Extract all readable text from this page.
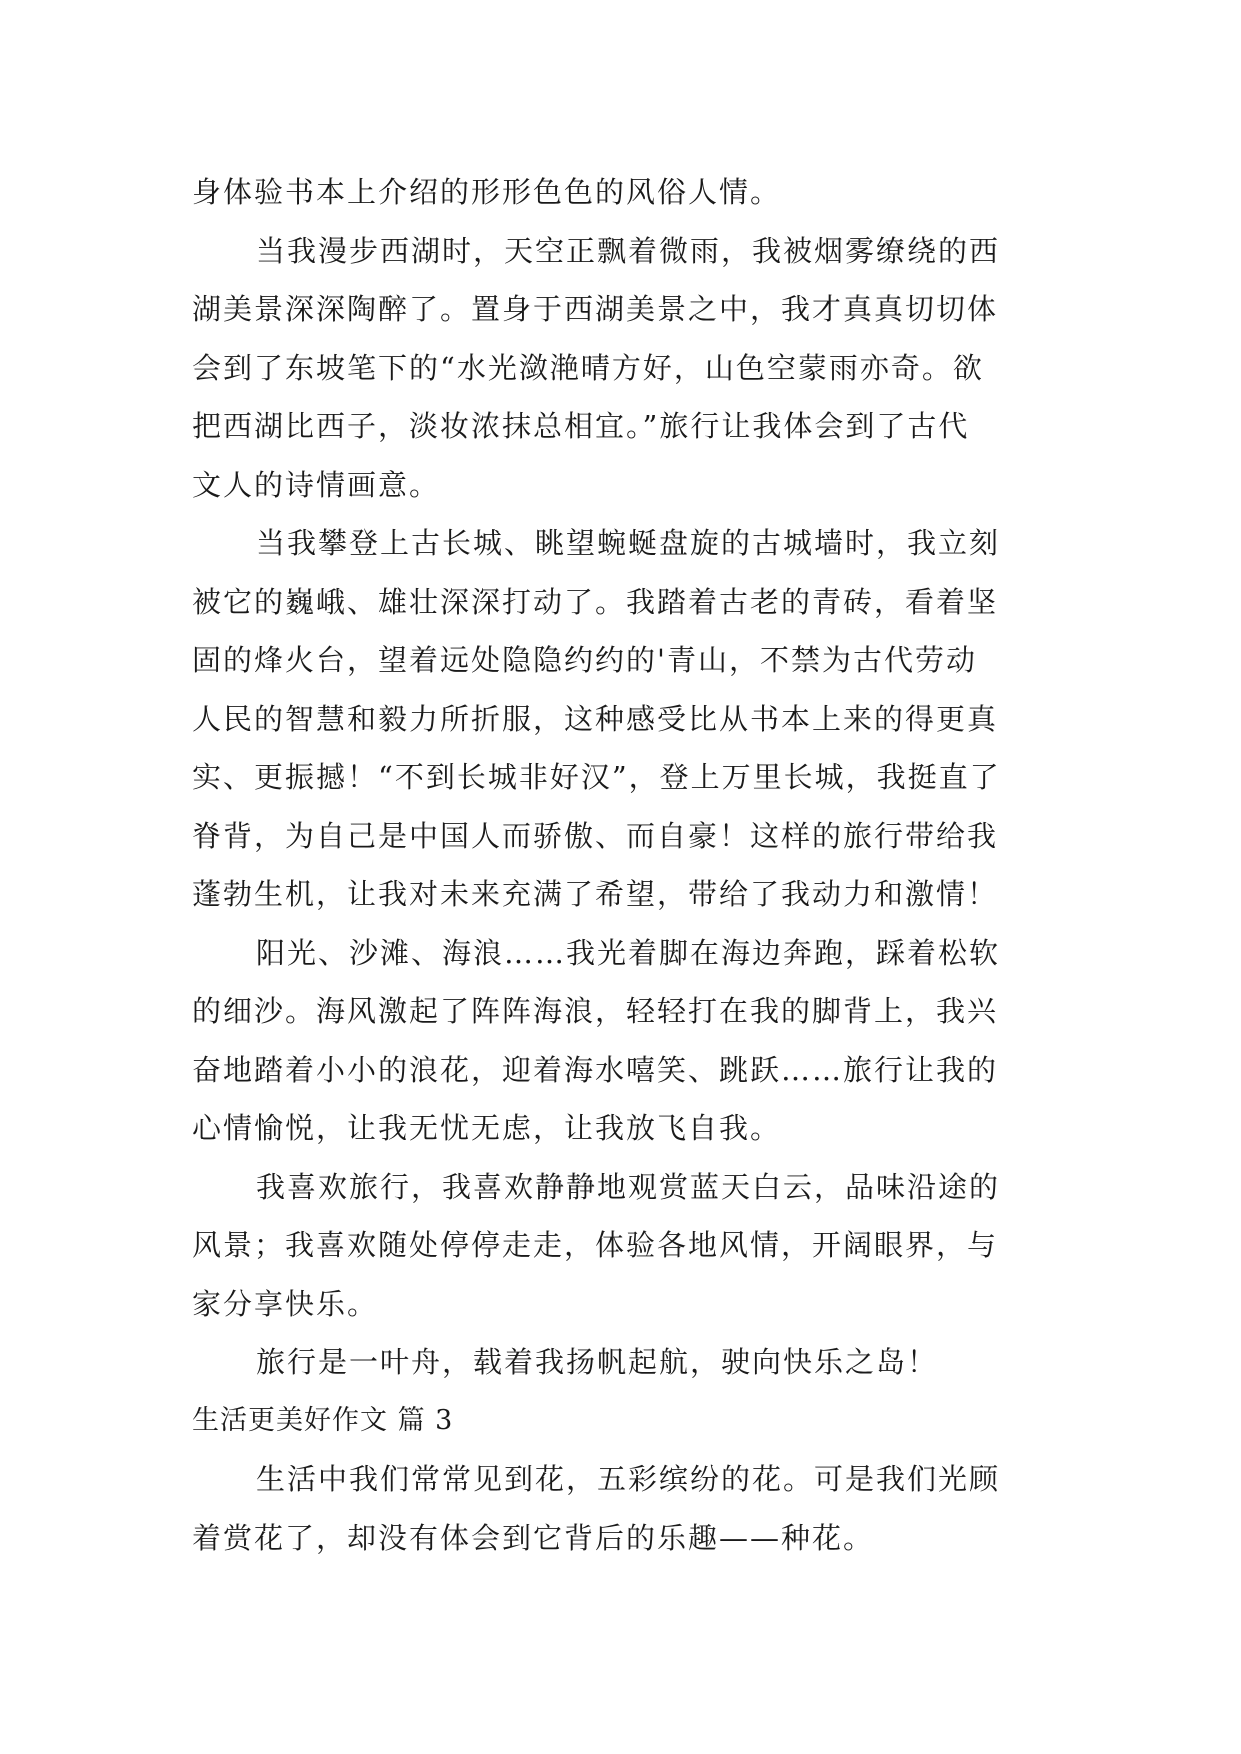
身体验书本上介绍的形形色色的风俗人情。
当我漫步西湖时，天空正飘着微雨，我被烟雾缭绕的西
湖美景深深陶醉了。置身于西湖美景之中，我才真真切切体
会到了东坡笔下的“水光潋滟晴方好，山色空蒙雨亦奇。欲
把西湖比西子，淡妆浓抹总相宜。”旅行让我体会到了古代
文人的诗情画意。
当我攀登上古长城、眺望蜿蜒盘旋的古城墙时，我立刻
被它的巍峨、雄壮深深打动了。我踏着古老的青砖，看着坚
固的烽火台，望着远处隐隐约约的'青山，不禁为古代劳动
人民的智慧和毅力所折服，这种感受比从书本上来的得更真
实、更振撼！“不到长城非好汉”，登上万里长城，我挺直了
脊背，为自己是中国人而骄傲、而自豪！这样的旅行带给我
蓬勃生机，让我对未来充满了希望，带给了我动力和激情！
阳光、沙滩、海浪……我光着脚在海边奔跑，踩着松软
的细沙。海风激起了阵阵海浪，轻轻打在我的脚背上，我兴
奋地踏着小小的浪花，迎着海水嘻笑、跳跃……旅行让我的
心情愉悦，让我无忧无虑，让我放飞自我。
我喜欢旅行，我喜欢静静地观赏蓝天白云，品味沿途的
风景；我喜欢随处停停走走，体验各地风情，开阔眼界，与
家分享快乐。
旅行是一叶舟，载着我扬帆起航，驶向快乐之岛！
生活更美好作文 篇 3
生活中我们常常见到花，五彩缤纷的花。可是我们光顾
着赏花了，却没有体会到它背后的乐趣——种花。
